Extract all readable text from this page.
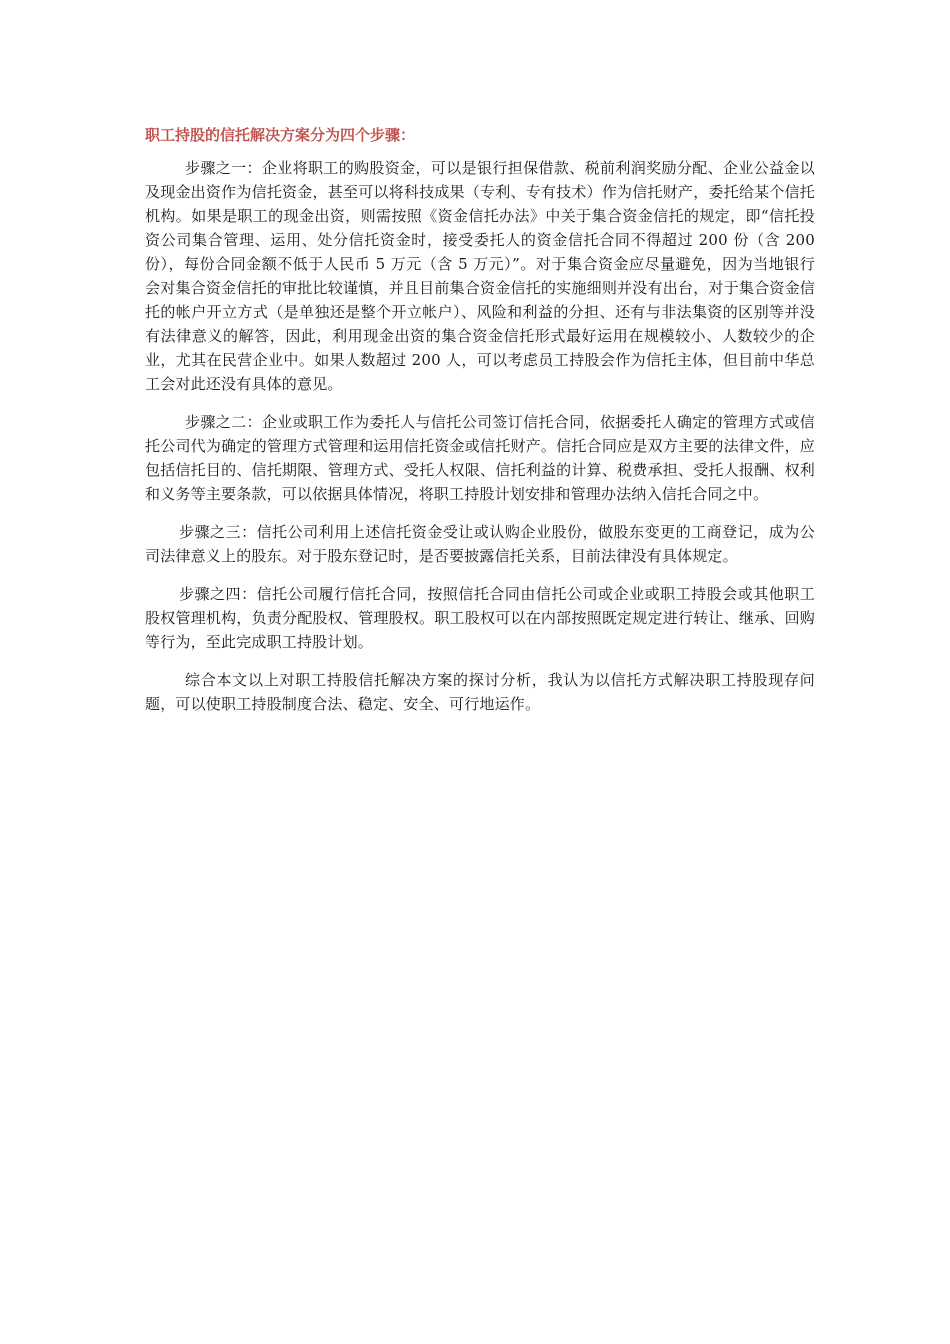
职工持股的信托解决方案分为四个步骤：

步骤之一：企业将职工的购股资金，可以是银行担保借款、税前利润奖励分配、企业公益金以及现金出资作为信托资金，甚至可以将科技成果（专利、专有技术）作为信托财产，委托给某个信托机构。如果是职工的现金出资，则需按照《资金信托办法》中关于集合资金信托的规定，即“信托投资公司集合管理、运用、处分信托资金时，接受委托人的资金信托合同不得超过 200 份（含 200 份），每份合同金额不低于人民币 5 万元（含 5 万元）”。对于集合资金应尽量避免，因为当地银行会对集合资金信托的审批比较谨慎，并且目前集合资金信托的实施细则并没有出台，对于集合资金信托的帐户开立方式（是单独还是整个开立帐户）、风险和利益的分担、还有与非法集资的区别等并没有法律意义的解答，因此，利用现金出资的集合资金信托形式最好运用在规模较小、人数较少的企业，尤其在民营企业中。如果人数超过 200 人，可以考虑员工持股会作为信托主体，但目前中华总工会对此还没有具体的意见。

步骤之二：企业或职工作为委托人与信托公司签订信托合同，依据委托人确定的管理方式或信托公司代为确定的管理方式管理和运用信托资金或信托财产。信托合同应是双方主要的法律文件，应包括信托目的、信托期限、管理方式、受托人权限、信托利益的计算、税费承担、受托人报酬、权利和义务等主要条款，可以依据具体情况，将职工持股计划安排和管理办法纳入信托合同之中。

步骤之三：信托公司利用上述信托资金受让或认购企业股份，做股东变更的工商登记，成为公司法律意义上的股东。对于股东登记时，是否要披露信托关系，目前法律没有具体规定。

步骤之四：信托公司履行信托合同，按照信托合同由信托公司或企业或职工持股会或其他职工股权管理机构，负责分配股权、管理股权。职工股权可以在内部按照既定规定进行转让、继承、回购等行为，至此完成职工持股计划。

综合本文以上对职工持股信托解决方案的探讨分析，我认为以信托方式解决职工持股现存问题，可以使职工持股制度合法、稳定、安全、可行地运作。
